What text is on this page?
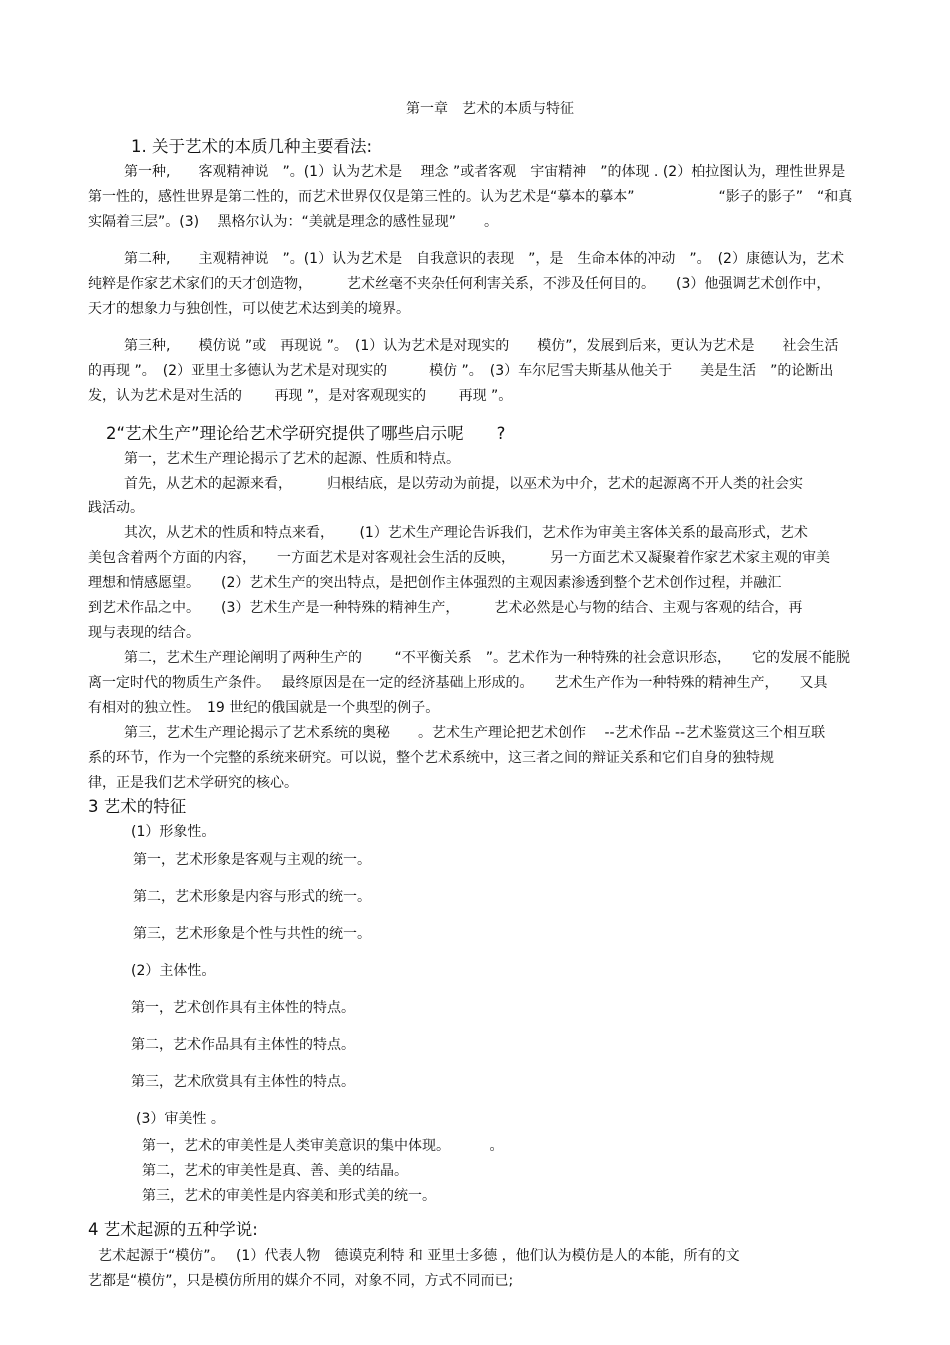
第一章　艺术的本质与特征
1. 关于艺术的本质几种主要看法:
第一种,　　客观精神说　”。(1）认为艺术是　 理念 ”或者客观　宇宙精神　”的体现 . (2）柏拉图认为，理性世界是
第一性的，感性世界是第二性的，而艺术世界仅仅是第三性的。认为艺术是“摹本的摹本”　　　　　　“影子的影子”　“和真
实隔着三层”。(3)　 黑格尔认为：“美就是理念的感性显现”　　。
第二种,　　主观精神说　”。(1）认为艺术是　自我意识的表现　”，是　生命本体的冲动　”。　(2）康德认为，艺术
纯粹是作家艺术家们的天才创造物，　　　艺术丝毫不夹杂任何利害关系，不涉及任何目的。　　(3）他强调艺术创作中，
天才的想象力与独创性，可以使艺术达到美的境界。
第三种,　　模仿说 ”或　再现说 ”。　(1）认为艺术是对现实的　　模仿”，发展到后来，更认为艺术是　　社会生活
的再现 ”。　(2）亚里士多德认为艺术是对现实的　　　模仿 ”。　(3）车尔尼雪夫斯基从他关于　　美是生活　”的论断出
发，认为艺术是对生活的　　 再现 ”，是对客观现实的　　 再现 ”。
2“艺术生产”理论给艺术学研究提供了哪些启示呢　　?
第一，艺术生产理论揭示了艺术的起源、性质和特点。
首先，从艺术的起源来看，　　　归根结底，是以劳动为前提，以巫术为中介，艺术的起源离不开人类的社会实
践活动。
其次，从艺术的性质和特点来看，　　 (1）艺术生产理论告诉我们，艺术作为审美主客体关系的最高形式，艺术
美包含着两个方面的内容，　　一方面艺术是对客观社会生活的反映，　　　另一方面艺术又凝聚着作家艺术家主观的审美
理想和情感愿望。　　(2）艺术生产的突出特点，是把创作主体强烈的主观因素渗透到整个艺术创作过程，并融汇
到艺术作品之中。　　(3）艺术生产是一种特殊的精神生产，　　　艺术必然是心与物的结合、主观与客观的结合，再
现与表现的结合。
第二，艺术生产理论阐明了两种生产的　　 “不平衡关系　”。艺术作为一种特殊的社会意识形态，　　它的发展不能脱
离一定时代的物质生产条件。　 最终原因是在一定的经济基础上形成的。　　艺术生产作为一种特殊的精神生产，　　又具
有相对的独立性。　19 世纪的俄国就是一个典型的例子。
第三，艺术生产理论揭示了艺术系统的奥秘　　。艺术生产理论把艺术创作　 --艺术作品 --艺术鉴赏这三个相互联
系的环节，作为一个完整的系统来研究。可以说，整个艺术系统中，这三者之间的辩证关系和它们自身的独特规
律，正是我们艺术学研究的核心。
3 艺术的特征
(1）形象性。
第一，艺术形象是客观与主观的统一。
第二，艺术形象是内容与形式的统一。
第三，艺术形象是个性与共性的统一。
(2）主体性。
第一，艺术创作具有主体性的特点。
第二，艺术作品具有主体性的特点。
第三，艺术欣赏具有主体性的特点。
(3）审美性 。
第一，艺术的审美性是人类审美意识的集中体现。　　　 。
第二，艺术的审美性是真、善、美的结晶。
第三，艺术的审美性是内容美和形式美的统一。
4 艺术起源的五种学说:
艺术起源于“模仿”。　 (1）代表人物　德谟克利特 和 亚里士多德 ，他们认为模仿是人的本能，所有的文
艺都是“模仿”，只是模仿所用的媒介不同，对象不同，方式不同而已;
